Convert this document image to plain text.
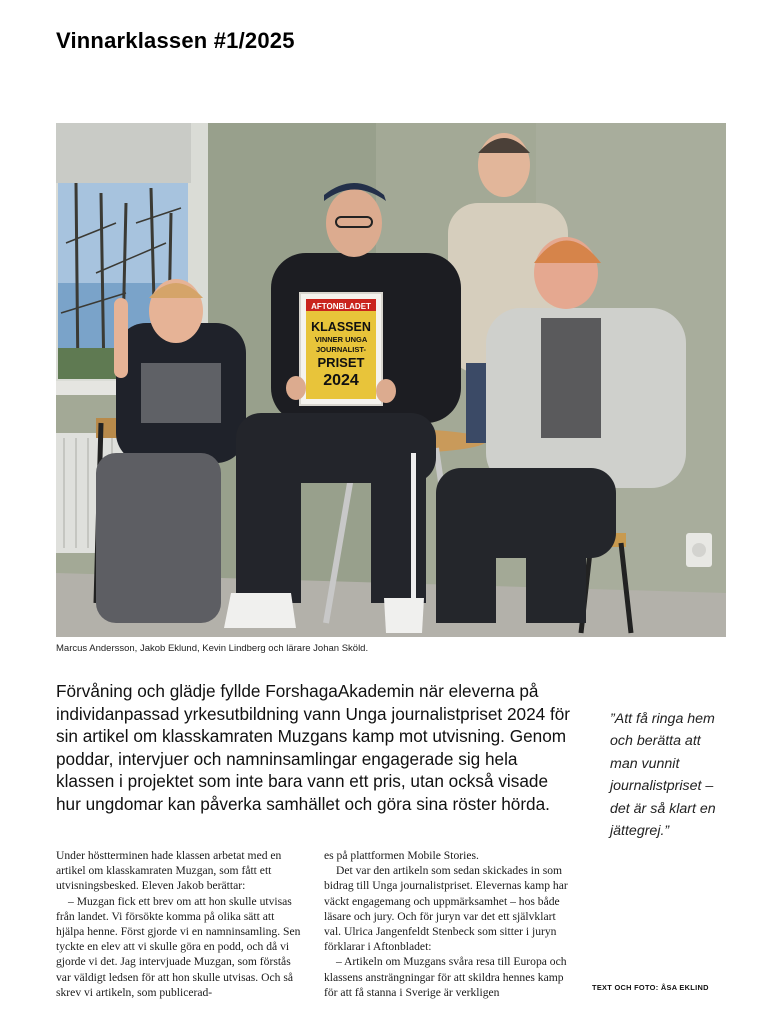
Vinnarklassen #1/2025
AFTONBLADET
KLASSEN
VINNER UNGA
JOURNALIST-
PRISET
2024
Marcus Andersson, Jakob Eklund, Kevin Lindberg och lärare Johan Sköld.

Förvåning och glädje fyllde ForshagaAkademin när eleverna på individanpassad yrkesutbildning vann Unga journalistpriset 2024 för sin artikel om klasskamraten Muzgans kamp mot utvisning. Genom poddar, intervjuer och namninsamlingar engagerade sig hela klassen i projektet som inte bara vann ett pris, utan också visade hur ungdomar kan påverka samhället och göra sina röster hörda.

”Att få ringa hem och berätta att man vunnit journalistpriset – det är så klart en jättegrej.”

Under höstterminen hade klassen arbetat med en artikel om klasskamraten Muzgan, som fått ett utvisningsbesked. Eleven Jakob berättar:

– Muzgan fick ett brev om att hon skulle utvisas från landet. Vi försökte komma på olika sätt att hjälpa henne. Först gjorde vi en namninsamling. Sen tyckte en elev att vi skulle göra en podd, och då vi gjorde vi det. Jag intervjuade Muzgan, som förstås var väldigt ledsen för att hon skulle utvisas. Och så skrev vi artikeln, som publicerad-

es på plattformen Mobile Stories.

Det var den artikeln som sedan skickades in som bidrag till Unga journalistpriset. Elevernas kamp har väckt engagemang och uppmärksamhet – hos både läsare och jury. Och för juryn var det ett självklart val. Ulrica Jangenfeldt Stenbeck som sitter i juryn förklarar i Aftonbladet:

– Artikeln om Muzgans svåra resa till Europa och klassens ansträngningar för att skildra hennes kamp för att få stanna i Sverige är verkligen	TEXT OCH FOTO: ÅSA EKLIND
